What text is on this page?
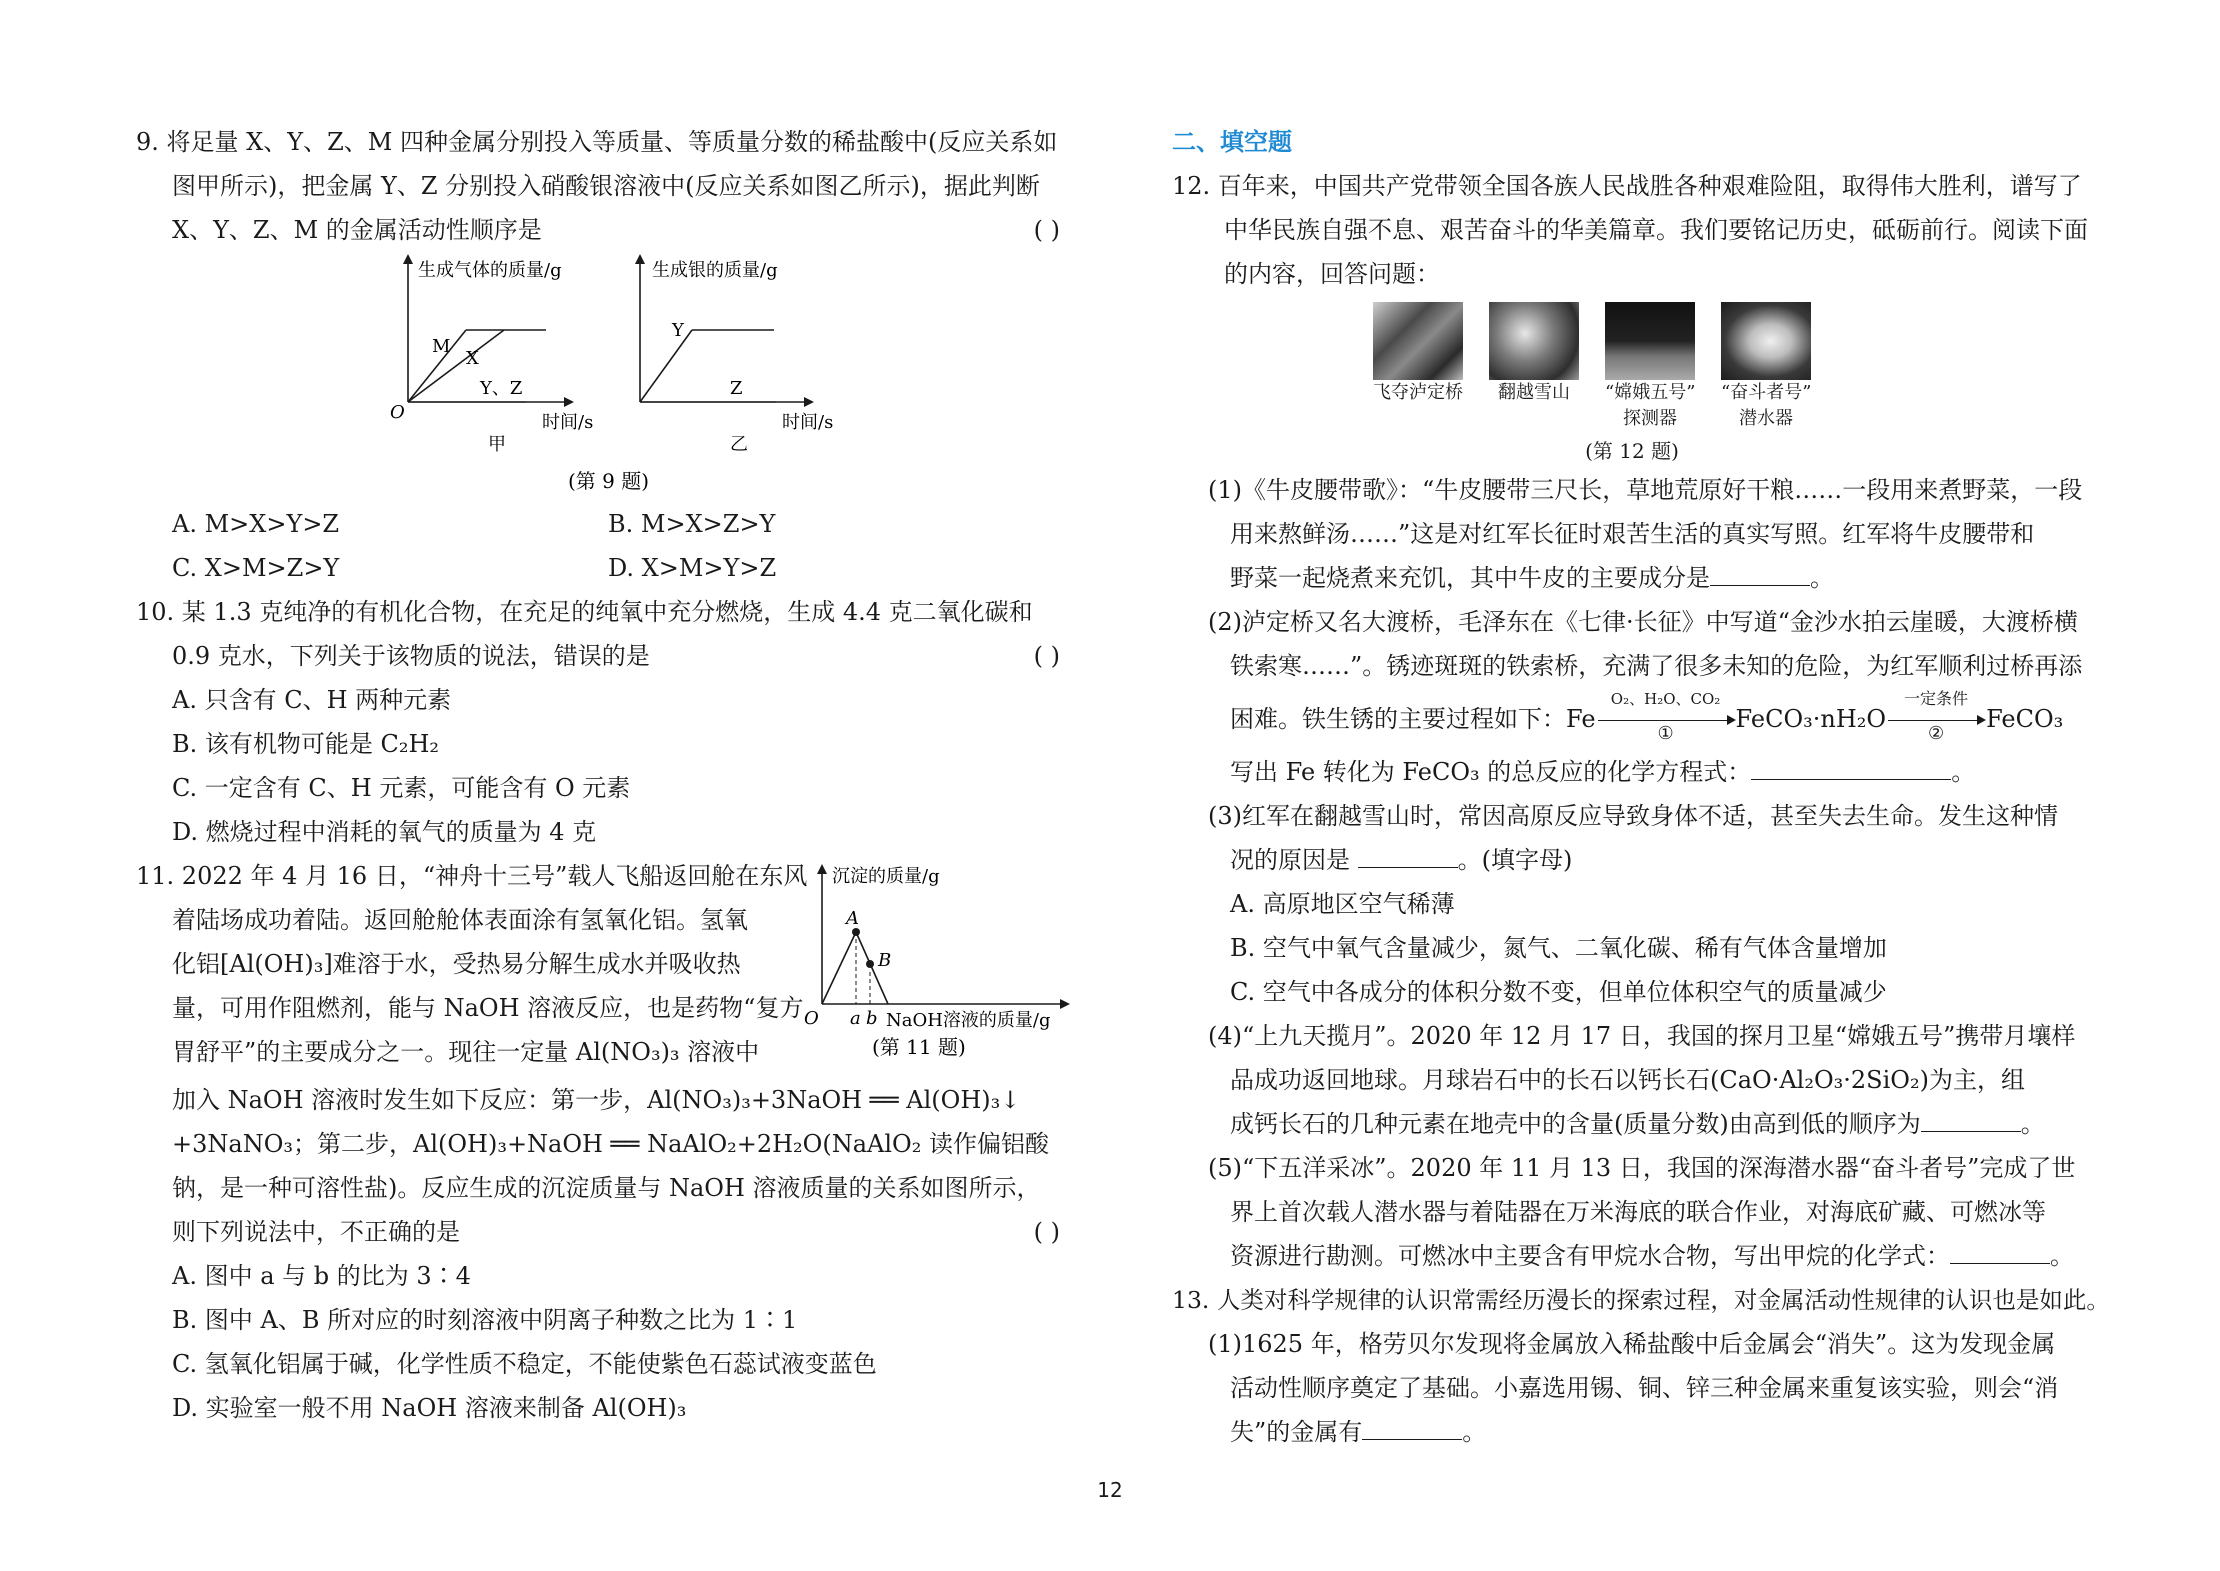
9. 将足量 X、Y、Z、M 四种金属分别投入等质量、等质量分数的稀盐酸中(反应关系如
图甲所示)，把金属 Y、Z 分别投入硝酸银溶液中(反应关系如图乙所示)，据此判断
X、Y、Z、M 的金属活动性顺序是	( )
生成气体的质量/g
时间/s
O
M
X
Y、Z
甲
生成银的质量/g
时间/s
Y
Z
乙
(第 9 题)
A. M>X>Y>Z	B. M>X>Z>Y
C. X>M>Z>Y	D. X>M>Y>Z
10. 某 1.3 克纯净的有机化合物，在充足的纯氧中充分燃烧，生成 4.4 克二氧化碳和
0.9 克水，下列关于该物质的说法，错误的是	( )
A. 只含有 C、H 两种元素
B. 该有机物可能是 C₂H₂
C. 一定含有 C、H 元素，可能含有 O 元素
D. 燃烧过程中消耗的氧气的质量为 4 克
11. 2022 年 4 月 16 日，“神舟十三号”载人飞船返回舱在东风
着陆场成功着陆。返回舱舱体表面涂有氢氧化铝。氢氧
化铝[Al(OH)₃]难溶于水，受热易分解生成水并吸收热
量，可用作阻燃剂，能与 NaOH 溶液反应，也是药物“复方
胃舒平”的主要成分之一。现往一定量 Al(NO₃)₃ 溶液中
沉淀的质量/g
A
B
O a b NaOH溶液的质量/g
(第 11 题)
加入 NaOH 溶液时发生如下反应：第一步，Al(NO₃)₃+3NaOH ══ Al(OH)₃↓
+3NaNO₃；第二步，Al(OH)₃+NaOH ══ NaAlO₂+2H₂O(NaAlO₂ 读作偏铝酸
钠，是一种可溶性盐)。反应生成的沉淀质量与 NaOH 溶液质量的关系如图所示，
则下列说法中，不正确的是	( )
A. 图中 a 与 b 的比为 3∶4
B. 图中 A、B 所对应的时刻溶液中阴离子种数之比为 1∶1
C. 氢氧化铝属于碱，化学性质不稳定，不能使紫色石蕊试液变蓝色
D. 实验室一般不用 NaOH 溶液来制备 Al(OH)₃
二、填空题
12. 百年来，中国共产党带领全国各族人民战胜各种艰难险阻，取得伟大胜利，谱写了
中华民族自强不息、艰苦奋斗的华美篇章。我们要铭记历史，砥砺前行。阅读下面
的内容，回答问题：
飞夺泸定桥	翻越雪山	“嫦娥五号”
探测器
“奋斗者号”
潜水器
(第 12 题)
(1)《牛皮腰带歌》：“牛皮腰带三尺长，草地荒原好干粮……一段用来煮野菜，一段
用来熬鲜汤……”这是对红军长征时艰苦生活的真实写照。红军将牛皮腰带和
野菜一起烧煮来充饥，其中牛皮的主要成分是	。
(2)泸定桥又名大渡桥，毛泽东在《七律·长征》中写道“金沙水拍云崖暖，大渡桥横
铁索寒……”。锈迹斑斑的铁索桥，充满了很多未知的危险，为红军顺利过桥再添
困难。铁生锈的主要过程如下：Fe
O₂、H₂O、CO₂
①	FeCO₃·nH₂O
一定条件
②	FeCO₃
写出 Fe 转化为 FeCO₃ 的总反应的化学方程式：	。
(3)红军在翻越雪山时，常因高原反应导致身体不适，甚至失去生命。发生这种情
况的原因是	。(填字母)
A. 高原地区空气稀薄
B. 空气中氧气含量减少，氮气、二氧化碳、稀有气体含量增加
C. 空气中各成分的体积分数不变，但单位体积空气的质量减少
(4)“上九天揽月”。2020 年 12 月 17 日，我国的探月卫星“嫦娥五号”携带月壤样
品成功返回地球。月球岩石中的长石以钙长石(CaO·Al₂O₃·2SiO₂)为主，组
成钙长石的几种元素在地壳中的含量(质量分数)由高到低的顺序为	。
(5)“下五洋采冰”。2020 年 11 月 13 日，我国的深海潜水器“奋斗者号”完成了世
界上首次载人潜水器与着陆器在万米海底的联合作业，对海底矿藏、可燃冰等
资源进行勘测。可燃冰中主要含有甲烷水合物，写出甲烷的化学式：	。
13. 人类对科学规律的认识常需经历漫长的探索过程，对金属活动性规律的认识也是如此。
(1)1625 年，格劳贝尔发现将金属放入稀盐酸中后金属会“消失”。这为发现金属
活动性顺序奠定了基础。小嘉选用锡、铜、锌三种金属来重复该实验，则会“消
失”的金属有	。
12
